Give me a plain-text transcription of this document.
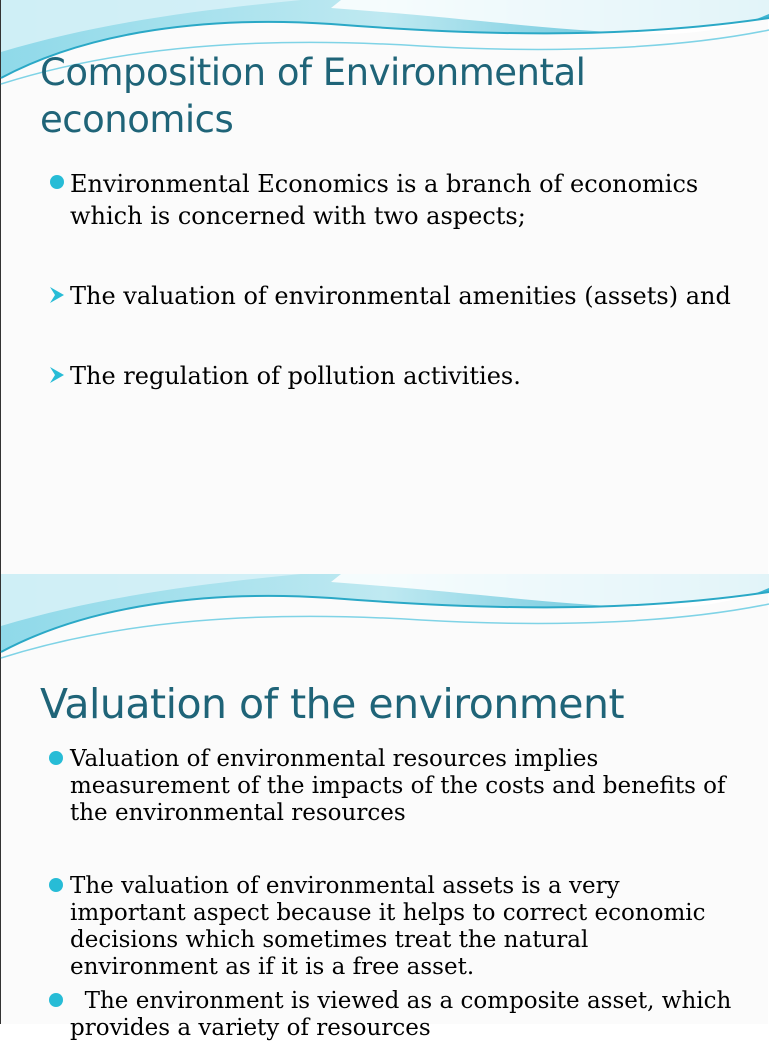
Composition of Environmental economics
Environmental Economics is a branch of economics which is concerned with two aspects;
The valuation of environmental amenities (assets) and
The regulation of pollution activities.
Valuation of the environment
Valuation of environmental resources implies measurement of the impacts of the costs and benefits of the environmental resources
The valuation of environmental assets is a very important aspect because it helps to correct economic decisions which sometimes treat the natural environment as if it is a free asset.
The environment is viewed as a composite asset, which provides a variety of resources
